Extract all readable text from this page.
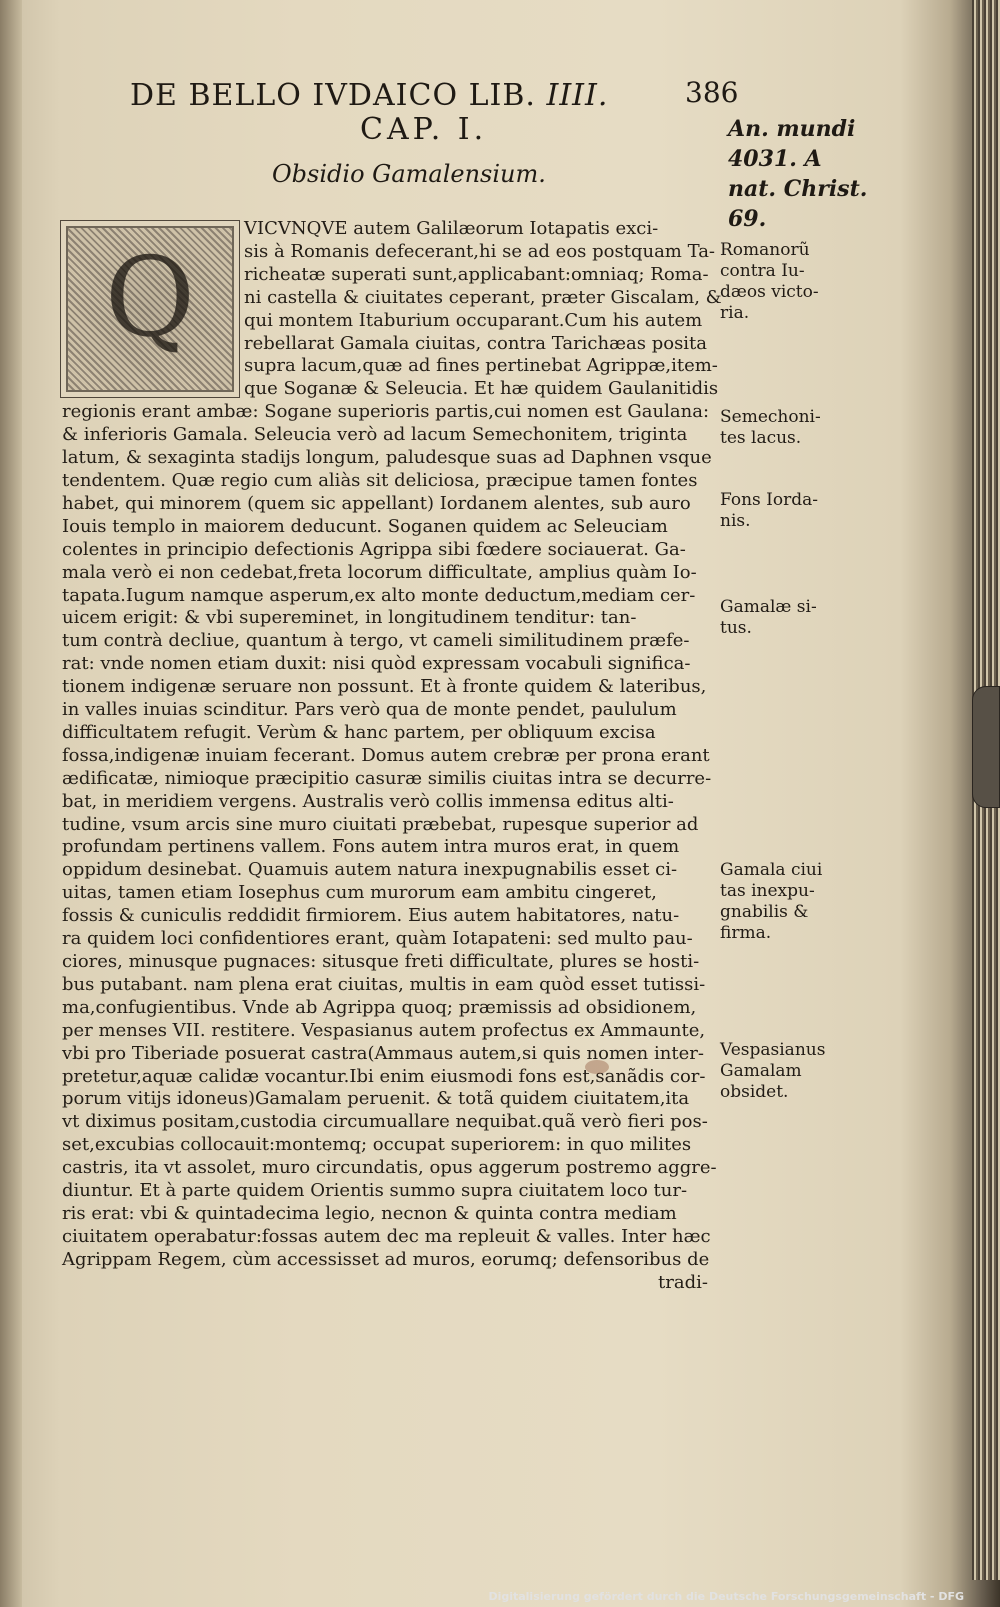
DE BELLO IVDAICO LIB. IIII.	386
CAP. I.
Obsidio Gamalensium.
An. mundi
4031. A
nat. Christ.
69.
Q
VICVNQVE autem Galilæorum Iotapatis exci-
sis à Romanis defecerant,hi se ad eos postquam Ta-
richeatæ superati sunt,applicabant:omniaq; Roma-
ni castella & ciuitates ceperant, præter Giscalam, &
qui montem Itaburium occuparant.Cum his autem
rebellarat Gamala ciuitas, contra Tarichæas posita
supra lacum,quæ ad fines pertinebat Agrippæ,item-
que Soganæ & Seleucia. Et hæ quidem Gaulanitidis
regionis erant ambæ: Sogane superioris partis,cui nomen est Gaulana:
& inferioris Gamala. Seleucia verò ad lacum Semechonitem, triginta
latum, & sexaginta stadijs longum, paludesque suas ad Daphnen vsque
tendentem. Quæ regio cum aliàs sit deliciosa, præcipue tamen fontes
habet, qui minorem (quem sic appellant) Iordanem alentes, sub auro
Iouis templo in maiorem deducunt. Soganen quidem ac Seleuciam
colentes in principio defectionis Agrippa sibi fœdere sociauerat. Ga-
mala verò ei non cedebat,freta locorum difficultate, amplius quàm Io-
tapata.Iugum namque asperum,ex alto monte deductum,mediam cer-
uicem erigit: & vbi supereminet, in longitudinem tenditur: tan-
tum contrà decliue, quantum à tergo, vt cameli similitudinem præfe-
rat: vnde nomen etiam duxit: nisi quòd expressam vocabuli significa-
tionem indigenæ seruare non possunt. Et à fronte quidem & lateribus,
in valles inuias scinditur. Pars verò qua de monte pendet, paululum
difficultatem refugit. Verùm & hanc partem, per obliquum excisa
fossa,indigenæ inuiam fecerant. Domus autem crebræ per prona erant
ædificatæ, nimioque præcipitio casuræ similis ciuitas intra se decurre-
bat, in meridiem vergens. Australis verò collis immensa editus alti-
tudine, vsum arcis sine muro ciuitati præbebat, rupesque superior ad
profundam pertinens vallem. Fons autem intra muros erat, in quem
oppidum desinebat. Quamuis autem natura inexpugnabilis esset ci-
uitas, tamen etiam Iosephus cum murorum eam ambitu cingeret,
fossis & cuniculis reddidit firmiorem. Eius autem habitatores, natu-
ra quidem loci confidentiores erant, quàm Iotapateni: sed multo pau-
ciores, minusque pugnaces: situsque freti difficultate, plures se hosti-
bus putabant. nam plena erat ciuitas, multis in eam quòd esset tutissi-
ma,confugientibus. Vnde ab Agrippa quoq; præmissis ad obsidionem,
per menses VII. restitere. Vespasianus autem profectus ex Ammaunte,
vbi pro Tiberiade posuerat castra(Ammaus autem,si quis nomen inter-
pretetur,aquæ calidæ vocantur.Ibi enim eiusmodi fons est,sanãdis cor-
porum vitijs idoneus)Gamalam peruenit. & totã quidem ciuitatem,ita
vt diximus positam,custodia circumuallare nequibat.quã verò fieri pos-
set,excubias collocauit:montemq; occupat superiorem: in quo milites
castris, ita vt assolet, muro circundatis, opus aggerum postremo aggre-
diuntur. Et à parte quidem Orientis summo supra ciuitatem loco tur-
ris erat: vbi & quintadecima legio, necnon & quinta contra mediam
ciuitatem operabatur:fossas autem dec ma repleuit & valles. Inter hæc
Agrippam Regem, cùm accessisset ad muros, eorumq; defensoribus de
tradi-
Romanorũ
contra Iu-
dæos victo-
ria.
Semechoni-
tes lacus.
Fons Iorda-
nis.
Gamalæ si-
tus.
Gamala ciui
tas inexpu-
gnabilis &
firma.
Vespasianus
Gamalam
obsidet.
Digitalisierung gefördert durch die Deutsche Forschungsgemeinschaft - DFG
